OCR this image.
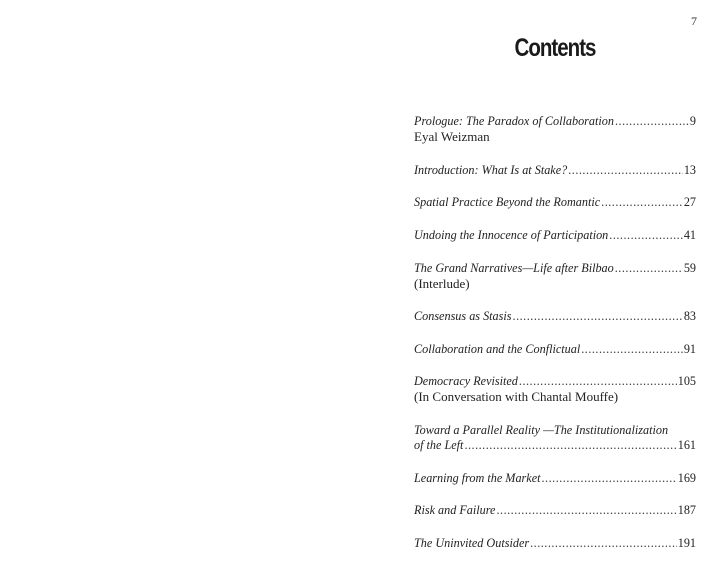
7
Contents
Prologue: The Paradox of Collaboration .....	9
Eyal Weizman
Introduction: What Is at Stake? .....	13
Spatial Practice Beyond the Romantic .....	27
Undoing the Innocence of Participation .....	41
The Grand Narratives—Life after Bilbao .....	59
(Interlude)
Consensus as Stasis .....	83
Collaboration and the Conflictual .....	91
Democracy Revisited .....	105
(In Conversation with Chantal Mouffe)
Toward a Parallel Reality —The Institutionalization
of the Left .....	161
Learning from the Market .....	169
Risk and Failure .....	187
The Uninvited Outsider .....	191
